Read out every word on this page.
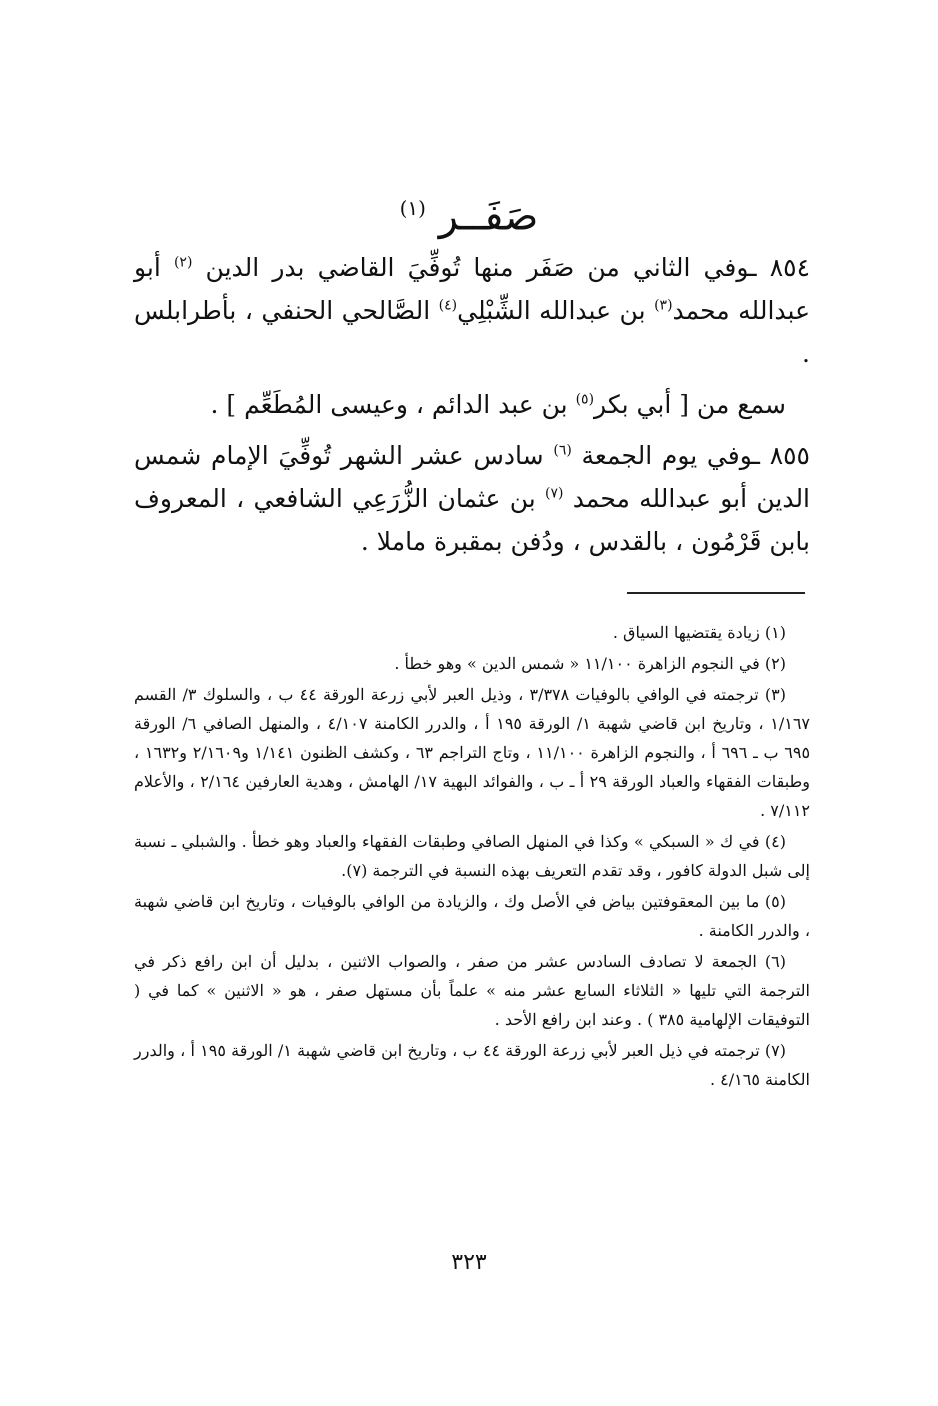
صَفَــر $^{(١)}$

٨٥٤ ـوفي الثاني من صَفَر منها تُوفِّيَ القاضي بدر الدين $^{(٢)}$ أبو عبدالله محمد$^{(٣)}$ بن عبدالله الشِّبْلِي$^{(٤)}$ الصَّالحي الحنفي ، بأطرابلس .

سمع من [ أبي بكر$^{(٥)}$ بن عبد الدائم ، وعيسى المُطَعِّم ] .

٨٥٥ ـوفي يوم الجمعة $^{(٦)}$ سادس عشر الشهر تُوفِّيَ الإمام شمس الدين أبو عبدالله محمد $^{(٧)}$ بن عثمان الزُّرَعِي الشافعي ، المعروف بابن قَرْمُون ، بالقدس ، ودُفن بمقبرة ماملا .

(١) زيادة يقتضيها السياق .

(٢) في النجوم الزاهرة ١١/١٠٠ « شمس الدين » وهو خطأ .

(٣) ترجمته في الوافي بالوفيات ٣/٣٧٨ ، وذيل العبر لأبي زرعة الورقة ٤٤ ب ، والسلوك ٣/ القسم ١/١٦٧ ، وتاريخ ابن قاضي شهبة ١/ الورقة ١٩٥ أ ، والدرر الكامنة ٤/١٠٧ ، والمنهل الصافي ٦/ الورقة ٦٩٥ ب ـ ٦٩٦ أ ، والنجوم الزاهرة ١١/١٠٠ ، وتاج التراجم ٦٣ ، وكشف الظنون ١/١٤١ و٢/١٦٠٩ و١٦٣٢ ، وطبقات الفقهاء والعباد الورقة ٢٩ أ ـ ب ، والفوائد البهية ١٧/ الهامش ، وهدية العارفين ٢/١٦٤ ، والأعلام ٧/١١٢ .

(٤) في ك « السبكي » وكذا في المنهل الصافي وطبقات الفقهاء والعباد وهو خطأ . والشبلي ـ نسبة إلى شبل الدولة كافور ، وقد تقدم التعريف بهذه النسبة في الترجمة (٧).

(٥) ما بين المعقوفتين بياض في الأصل وك ، والزيادة من الوافي بالوفيات ، وتاريخ ابن قاضي شهبة ، والدرر الكامنة .

(٦) الجمعة لا تصادف السادس عشر من صفر ، والصواب الاثنين ، بدليل أن ابن رافع ذكر في الترجمة التي تليها « الثلاثاء السابع عشر منه » علماً بأن مستهل صفر ، هو « الاثنين » كما في ( التوفيقات الإلهامية ٣٨٥ ) . وعند ابن رافع الأحد .

(٧) ترجمته في ذيل العبر لأبي زرعة الورقة ٤٤ ب ، وتاريخ ابن قاضي شهبة ١/ الورقة ١٩٥ أ ، والدرر الكامنة ٤/١٦٥ .

٣٢٣
